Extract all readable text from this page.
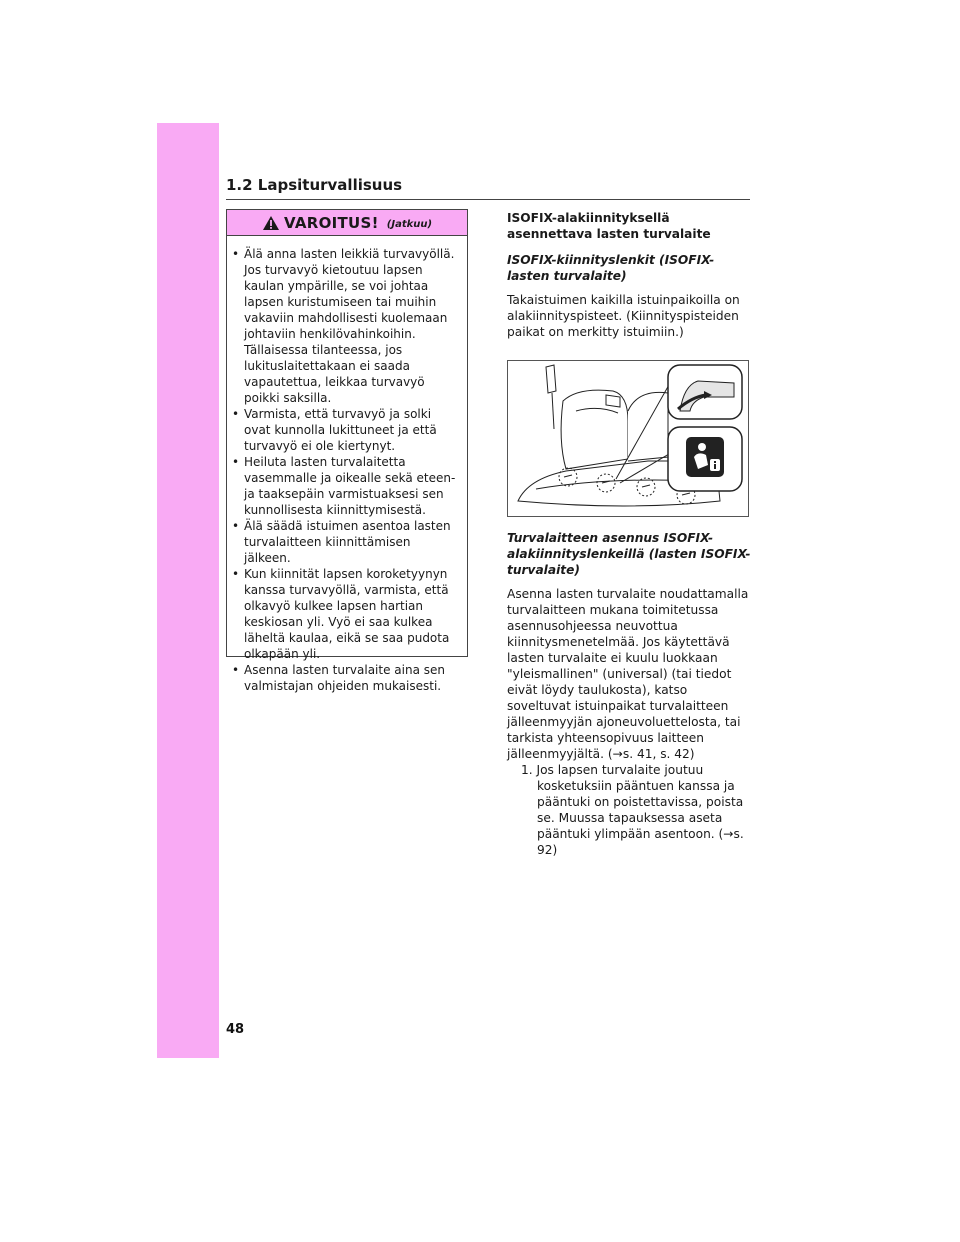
1.2 Lapsiturvallisuus
VAROITUS! (Jatkuu)
• Älä anna lasten leikkiä turvavyöllä. Jos turvavyö kietoutuu lapsen kaulan ympärille, se voi johtaa lapsen kuristumiseen tai muihin vakaviin mahdollisesti kuolemaan johtaviin henkilövahinkoihin. Tällaisessa tilanteessa, jos lukituslaitettakaan ei saada vapautettua, leikkaa turvavyö poikki saksilla.
• Varmista, että turvavyö ja solki ovat kunnolla lukittuneet ja että turvavyö ei ole kiertynyt.
• Heiluta lasten turvalaitetta vasemmalle ja oikealle sekä eteen- ja taaksepäin varmistuaksesi sen kunnollisesta kiinnittymisestä.
• Älä säädä istuimen asentoa lasten turvalaitteen kiinnittämisen jälkeen.
• Kun kiinnität lapsen koroketyynyn kanssa turvavyöllä, varmista, että olkavyö kulkee lapsen hartian keskiosan yli. Vyö ei saa kulkea läheltä kaulaa, eikä se saa pudota olkapään yli.
• Asenna lasten turvalaite aina sen valmistajan ohjeiden mukaisesti.

ISOFIX-alakiinnityksellä asennettava lasten turvalaite

ISOFIX-kiinnityslenkit (ISOFIX- lasten turvalaite)

Takaistuimen kaikilla istuinpaikoilla on alakiinnityspisteet. (Kiinnityspisteiden paikat on merkitty istuimiin.)

Turvalaitteen asennus ISOFIX-alakiinnityslenkeillä (lasten ISOFIX-turvalaite)

Asenna lasten turvalaite noudattamalla turvalaitteen mukana toimitetussa asennusohjeessa neuvottua kiinnitysmenetelmää. Jos käytettävä lasten turvalaite ei kuulu luokkaan "yleismallinen" (universal) (tai tiedot eivät löydy taulukosta), katso soveltuvat istuinpaikat turvalaitteen jälleenmyyjän ajoneuvoluettelosta, tai tarkista yhteensopivuus laitteen jälleenmyyjältä. (→s. 41, s. 42)

1. Jos lapsen turvalaite joutuu kosketuksiin pääntuen kanssa ja pääntuki on poistettavissa, poista se. Muussa tapauksessa aseta pääntuki ylimpään asentoon. (→s. 92)

48
